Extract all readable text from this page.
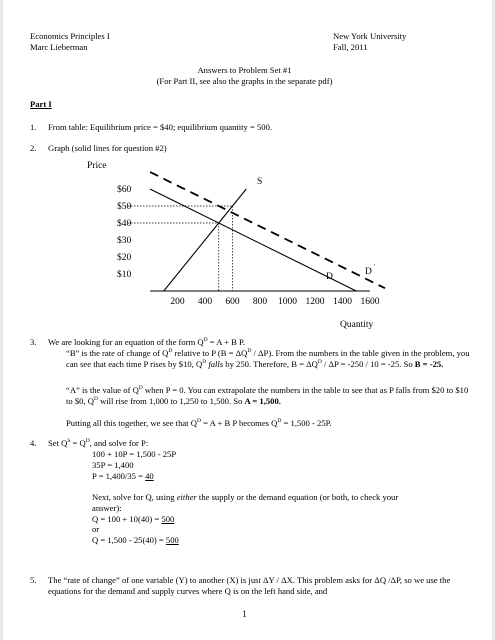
Economics Principles I
Marc Lieberman
New York University
Fall, 2011
Answers to Problem Set #1
(For Part II, see also the graphs in the separate pdf)
Part I
1. From table: Equilibrium price = $40; equilibrium quantity = 500.
2. Graph (solid lines for question #2)
Price
Quantity
$60
$50
$40
$30
$20
$10
200 400 600 800 1000 1200 1400 1600
S
D	D
'
3. We are looking for an equation of the form $Q^D = A + B$ P.
“B” is the rate of change of $Q^D$ relative to P $(B = \Delta Q^D / \Delta P)$. From the numbers in the table given in the problem, you can see that each time P rises by $10, $Q^D$ falls by 250. Therefore, $B = \Delta Q^D / \Delta P = -250 / 10 = -25$. So B = -25.
“A” is the value of $Q^D$ when P = 0. You can extrapolate the numbers in the table to see that as P falls from $20 to $10 to $0, $Q^D$ will rise from 1,000 to 1,250 to 1,500. So A = 1,500.
Putting all this together, we see that $Q^D = A + B$ P becomes $Q^D = 1,500 - 25P$.
4. Set $Q^S = Q^D$, and solve for P:
100 + 10P = 1,500 - 25P
35P = 1,400
P = 1,400/35 = 40
Next, solve for Q, using either the supply or the demand equation (or both, to check your answer):
Q = 100 + 10(40) = 500
or
Q = 1,500 - 25(40) = 500
5. The “rate of change” of one variable (Y) to another (X) is just ΔY / ΔX. This problem asks for ΔQ /ΔP, so we use the equations for the demand and supply curves where Q is on the left hand side, and
1
